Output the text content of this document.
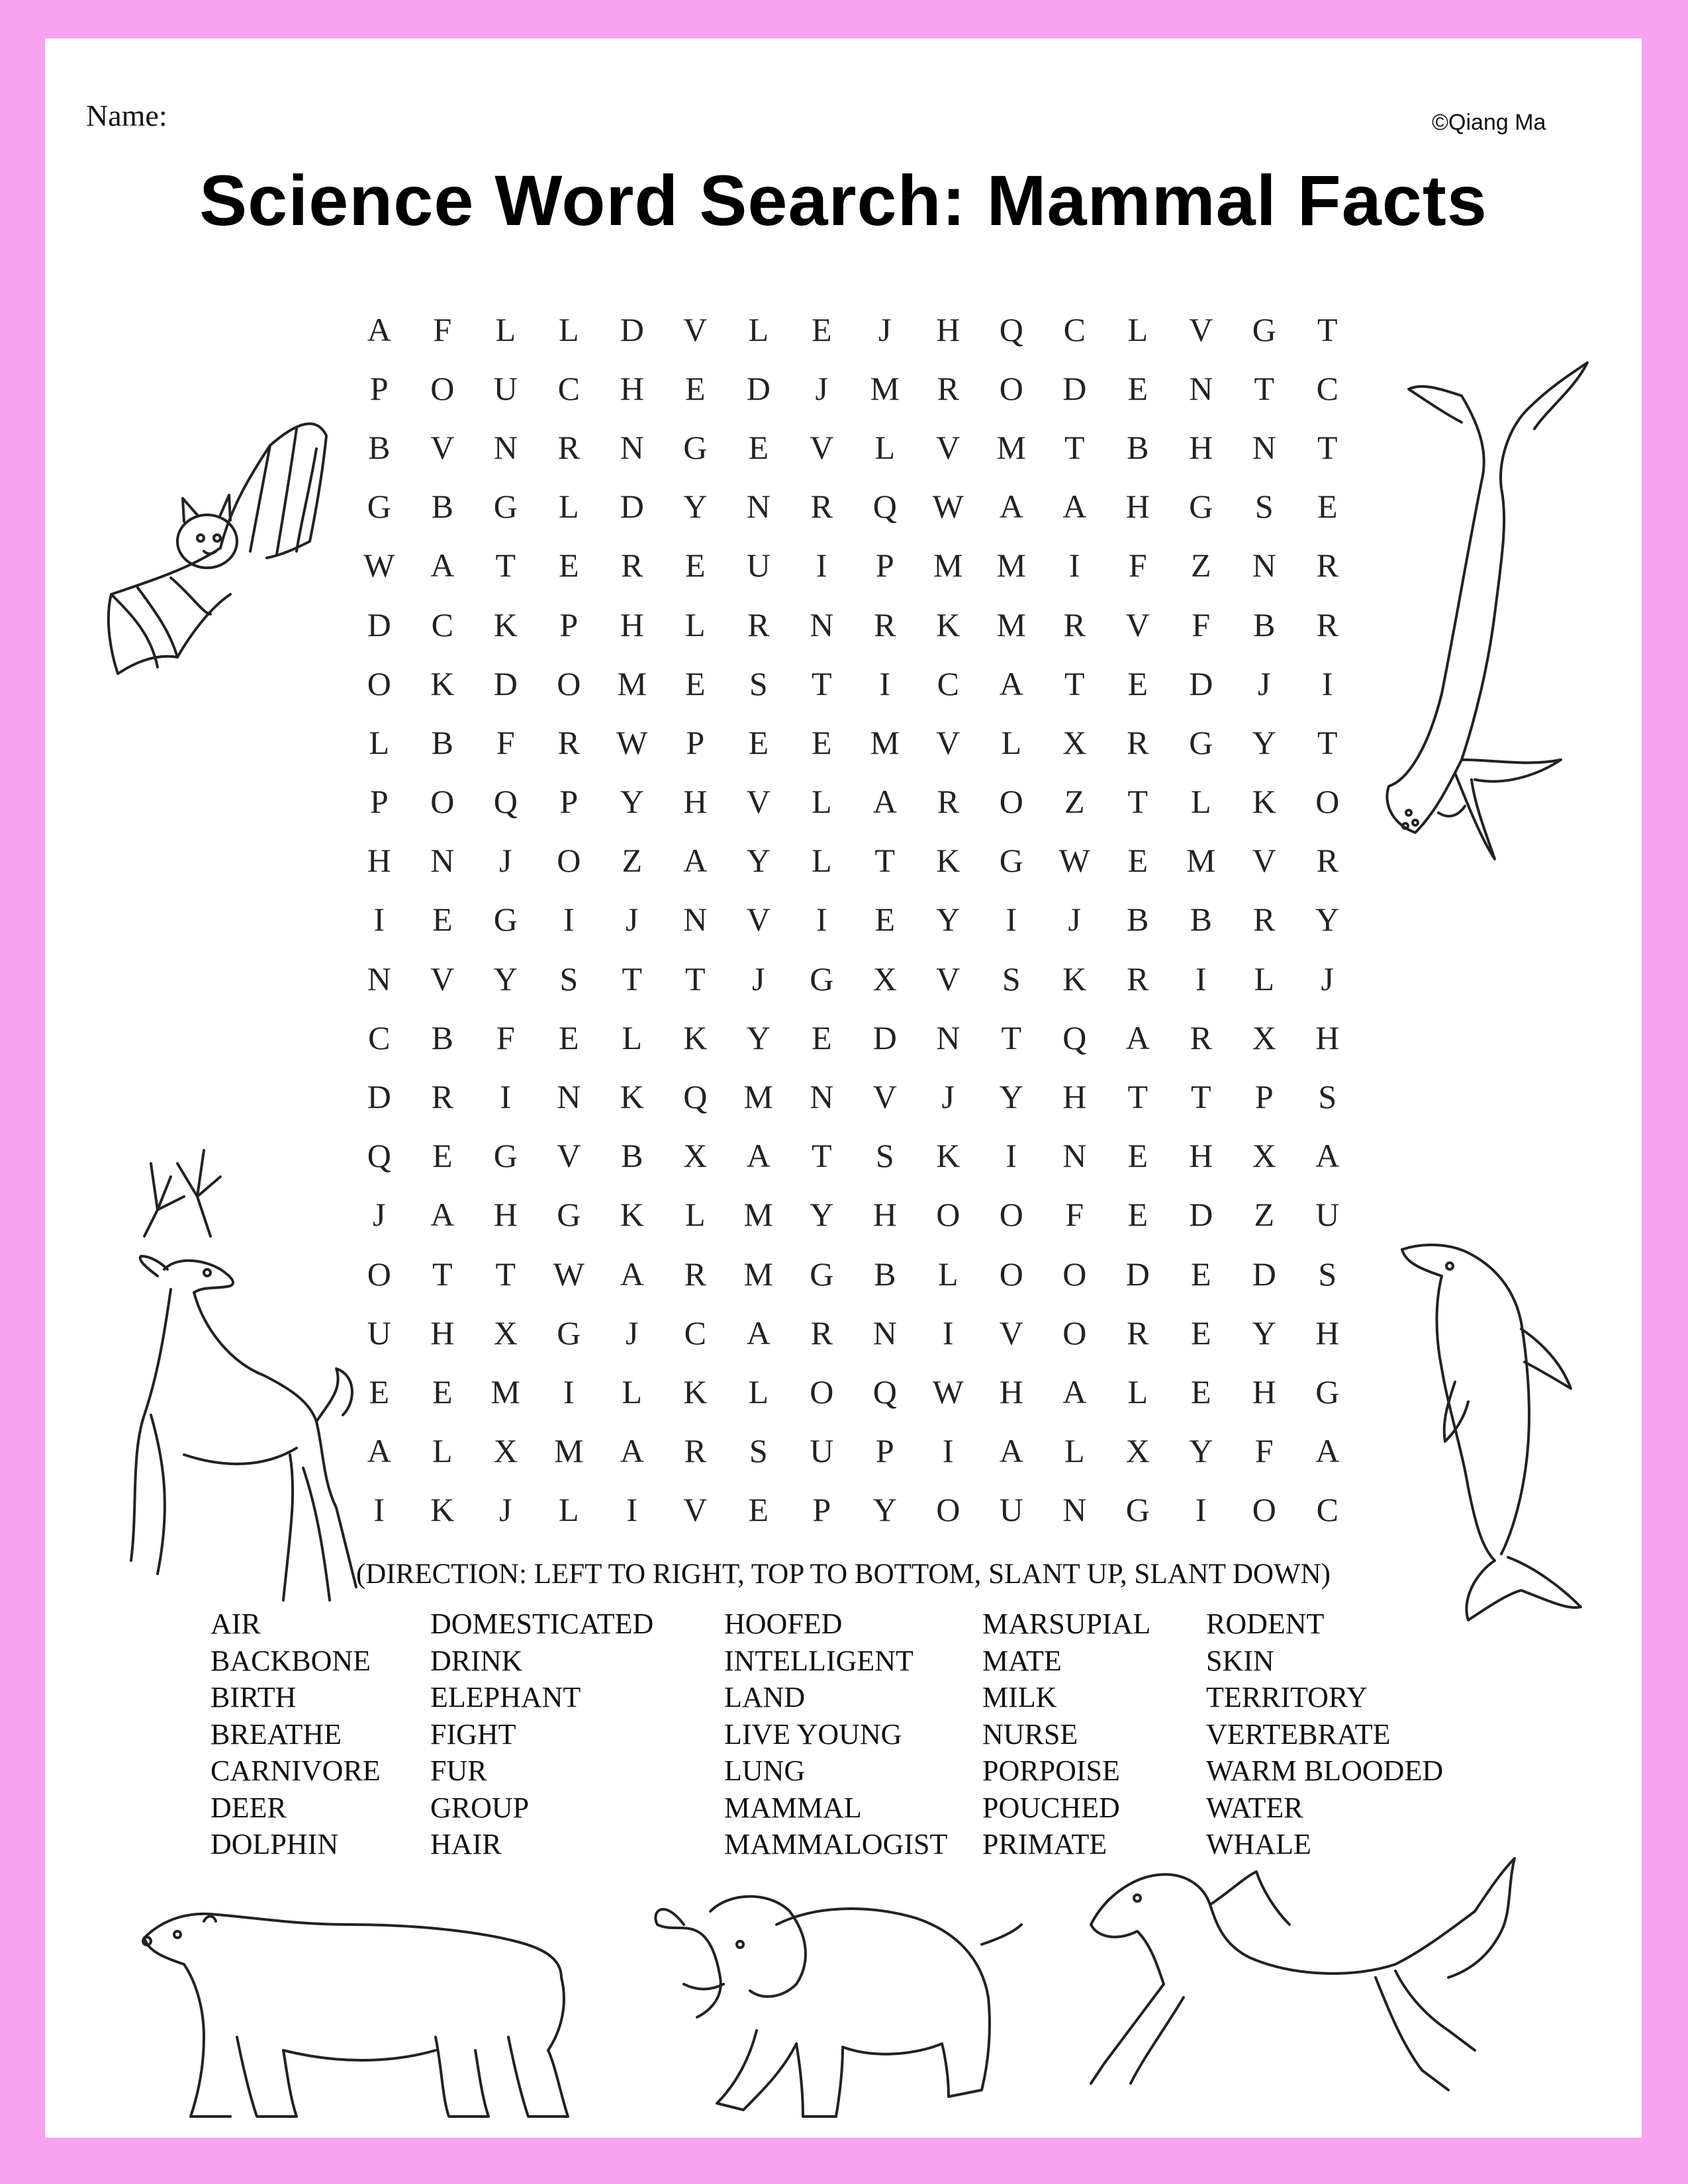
Name:	©Qiang Ma
Science Word Search: Mammal Facts
A	F	L	L	D	V	L	E	J	H	Q	C	L	V	G	T
P	O	U	C	H	E	D	J	M	R	O	D	E	N	T	C
B	V	N	R	N	G	E	V	L	V	M	T	B	H	N	T
G	B	G	L	D	Y	N	R	Q	W	A	A	H	G	S	E
W	A	T	E	R	E	U	I	P	M	M	I	F	Z	N	R
D	C	K	P	H	L	R	N	R	K	M	R	V	F	B	R
O	K	D	O	M	E	S	T	I	C	A	T	E	D	J	I
L	B	F	R	W	P	E	E	M	V	L	X	R	G	Y	T
P	O	Q	P	Y	H	V	L	A	R	O	Z	T	L	K	O
H	N	J	O	Z	A	Y	L	T	K	G	W	E	M	V	R
I	E	G	I	J	N	V	I	E	Y	I	J	B	B	R	Y
N	V	Y	S	T	T	J	G	X	V	S	K	R	I	L	J
C	B	F	E	L	K	Y	E	D	N	T	Q	A	R	X	H
D	R	I	N	K	Q	M	N	V	J	Y	H	T	T	P	S
Q	E	G	V	B	X	A	T	S	K	I	N	E	H	X	A
J	A	H	G	K	L	M	Y	H	O	O	F	E	D	Z	U
O	T	T	W	A	R	M	G	B	L	O	O	D	E	D	S
U	H	X	G	J	C	A	R	N	I	V	O	R	E	Y	H
E	E	M	I	L	K	L	O	Q	W	H	A	L	E	H	G
A	L	X	M	A	R	S	U	P	I	A	L	X	Y	F	A
I	K	J	L	I	V	E	P	Y	O	U	N	G	I	O	C
(DIRECTION: LEFT TO RIGHT, TOP TO BOTTOM, SLANT UP, SLANT DOWN)
AIR
BACKBONE
BIRTH
BREATHE
CARNIVORE
DEER
DOLPHIN
DOMESTICATED
DRINK
ELEPHANT
FIGHT
FUR
GROUP
HAIR
HOOFED
INTELLIGENT
LAND
LIVE YOUNG
LUNG
MAMMAL
MAMMALOGIST
MARSUPIAL
MATE
MILK
NURSE
PORPOISE
POUCHED
PRIMATE
RODENT
SKIN
TERRITORY
VERTEBRATE
WARM BLOODED
WATER
WHALE
